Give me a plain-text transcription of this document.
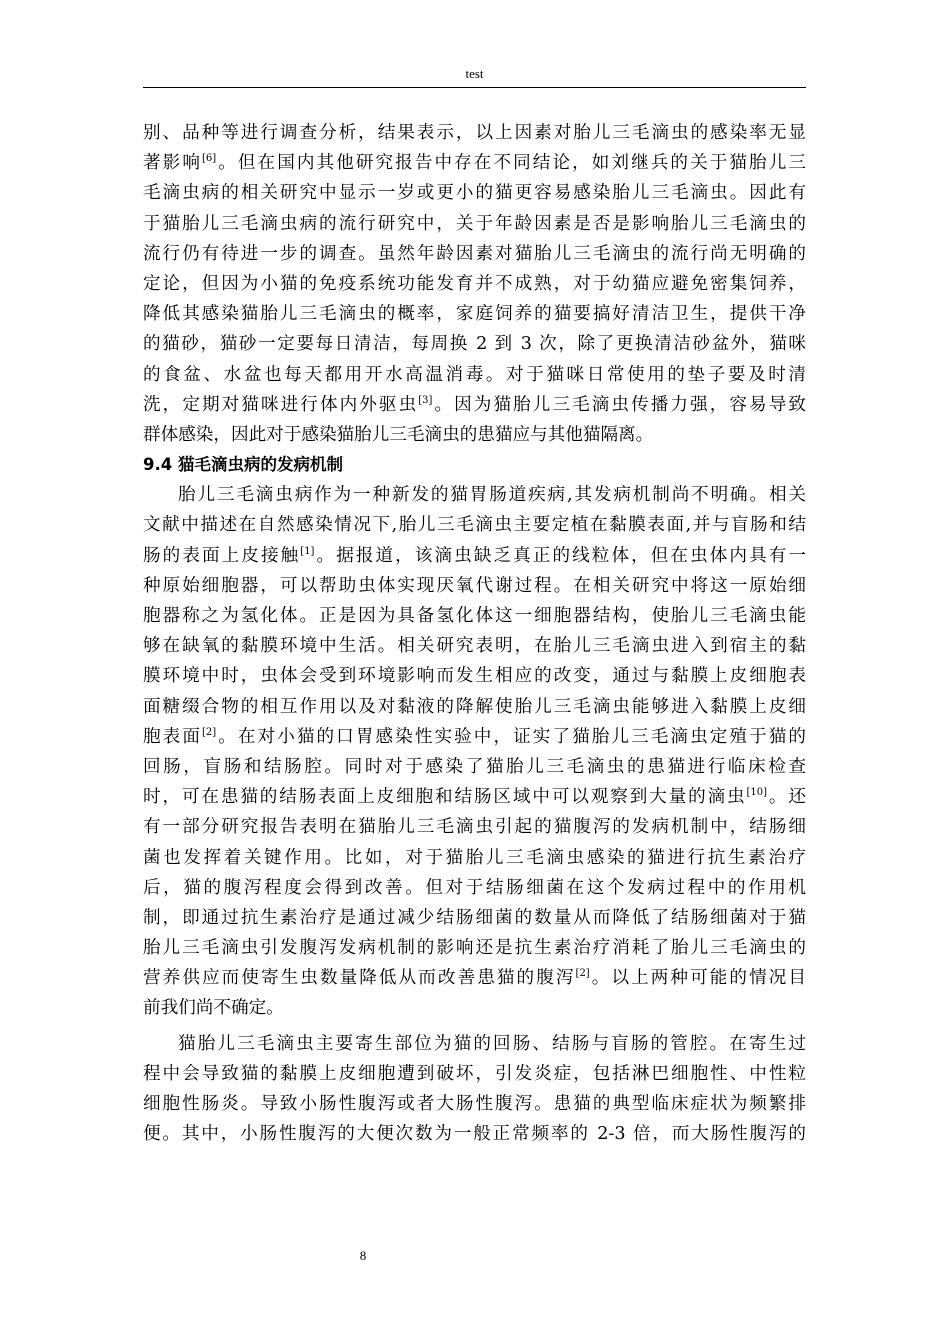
test
别、品种等进行调查分析，结果表示，以上因素对胎儿三毛滴虫的感染率无显
著影响[6]。但在国内其他研究报告中存在不同结论，如刘继兵的关于猫胎儿三
毛滴虫病的相关研究中显示一岁或更小的猫更容易感染胎儿三毛滴虫。因此有
于猫胎儿三毛滴虫病的流行研究中，关于年龄因素是否是影响胎儿三毛滴虫的
流行仍有待进一步的调查。虽然年龄因素对猫胎儿三毛滴虫的流行尚无明确的
定论，但因为小猫的免疫系统功能发育并不成熟，对于幼猫应避免密集饲养，
降低其感染猫胎儿三毛滴虫的概率，家庭饲养的猫要搞好清洁卫生，提供干净
的猫砂，猫砂一定要每日清洁，每周换 2 到 3 次，除了更换清洁砂盆外，猫咪
的食盆、水盆也每天都用开水高温消毒。对于猫咪日常使用的垫子要及时清
洗，定期对猫咪进行体内外驱虫[3]。因为猫胎儿三毛滴虫传播力强，容易导致
群体感染，因此对于感染猫胎儿三毛滴虫的患猫应与其他猫隔离。
9.4 猫毛滴虫病的发病机制
胎儿三毛滴虫病作为一种新发的猫胃肠道疾病,其发病机制尚不明确。相关
文献中描述在自然感染情况下,胎儿三毛滴虫主要定植在黏膜表面,并与盲肠和结
肠的表面上皮接触[1]。据报道，该滴虫缺乏真正的线粒体，但在虫体内具有一
种原始细胞器，可以帮助虫体实现厌氧代谢过程。在相关研究中将这一原始细
胞器称之为氢化体。正是因为具备氢化体这一细胞器结构，使胎儿三毛滴虫能
够在缺氧的黏膜环境中生活。相关研究表明，在胎儿三毛滴虫进入到宿主的黏
膜环境中时，虫体会受到环境影响而发生相应的改变，通过与黏膜上皮细胞表
面糖缀合物的相互作用以及对黏液的降解使胎儿三毛滴虫能够进入黏膜上皮细
胞表面[2]。在对小猫的口胃感染性实验中，证实了猫胎儿三毛滴虫定殖于猫的
回肠，盲肠和结肠腔。同时对于感染了猫胎儿三毛滴虫的患猫进行临床检查
时，可在患猫的结肠表面上皮细胞和结肠区域中可以观察到大量的滴虫[10]。还
有一部分研究报告表明在猫胎儿三毛滴虫引起的猫腹泻的发病机制中，结肠细
菌也发挥着关键作用。比如，对于猫胎儿三毛滴虫感染的猫进行抗生素治疗
后，猫的腹泻程度会得到改善。但对于结肠细菌在这个发病过程中的作用机
制，即通过抗生素治疗是通过减少结肠细菌的数量从而降低了结肠细菌对于猫
胎儿三毛滴虫引发腹泻发病机制的影响还是抗生素治疗消耗了胎儿三毛滴虫的
营养供应而使寄生虫数量降低从而改善患猫的腹泻[2]。以上两种可能的情况目
前我们尚不确定。
猫胎儿三毛滴虫主要寄生部位为猫的回肠、结肠与盲肠的管腔。在寄生过
程中会导致猫的黏膜上皮细胞遭到破坏，引发炎症，包括淋巴细胞性、中性粒
细胞性肠炎。导致小肠性腹泻或者大肠性腹泻。患猫的典型临床症状为频繁排
便。其中，小肠性腹泻的大便次数为一般正常频率的 2-3 倍，而大肠性腹泻的
8
